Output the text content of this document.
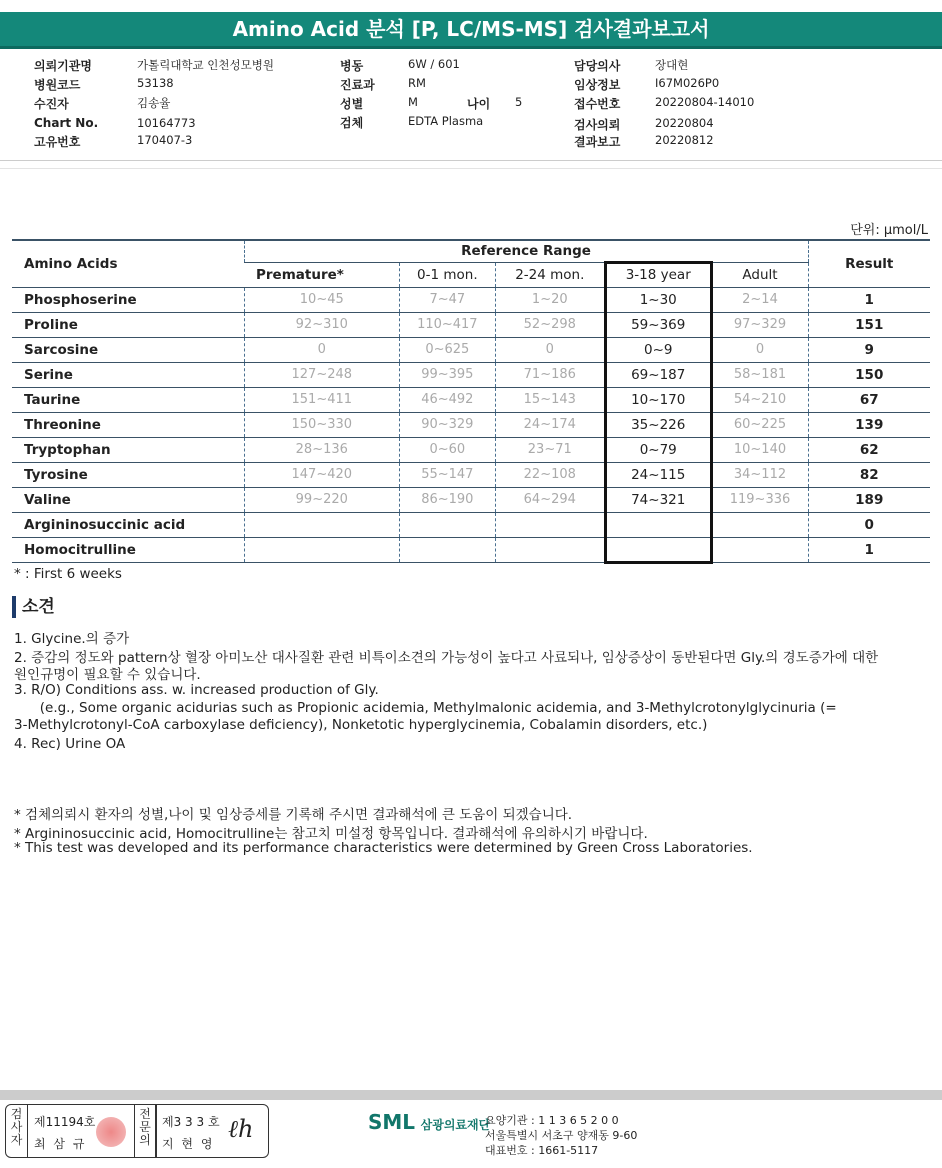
Amino Acid 분석 [P, LC/MS-MS] 검사결과보고서
의뢰기관명	가톨릭대학교 인천성모병원
병원코드	53138
수진자	김송율
Chart No.	10164773
고유번호	170407-3
병동	6W / 601
진료과	RM
성별	M
검체	EDTA Plasma
담당의사	장대현
임상정보	I67M026P0
접수번호	20220804-14010
검사의뢰	20220804
결과보고	20220812
나이 5
단위: μmol/L
Amino Acids	Reference Range					Result
	Premature*	0-1 mon.	2-24 mon.	3-18 year	Adult	
Phosphoserine	10~45	7~47	1~20	1~30	2~14	1
Proline	92~310	110~417	52~298	59~369	97~329	151
Sarcosine	0	0~625	0	0~9	0	9
Serine	127~248	99~395	71~186	69~187	58~181	150
Taurine	151~411	46~492	15~143	10~170	54~210	67
Threonine	150~330	90~329	24~174	35~226	60~225	139
Tryptophan	28~136	0~60	23~71	0~79	10~140	62
Tyrosine	147~420	55~147	22~108	24~115	34~112	82
Valine	99~220	86~190	64~294	74~321	119~336	189
Argininosuccinic acid						0
Homocitrulline						1
* : First 6 weeks
소견
1. Glycine.의 증가
2. 증감의 정도와 pattern상 혈장 아미노산 대사질환 관련 비특이소견의 가능성이 높다고 사료되나, 임상증상이 동반된다면 Gly.의 경도증가에 대한
원인규명이 필요할 수 있습니다.
3. R/O) Conditions ass. w. increased production of Gly.
(e.g., Some organic acidurias such as Propionic acidemia, Methylmalonic acidemia, and 3-Methylcrotonylglycinuria (=
3-Methylcrotonyl-CoA carboxylase deficiency), Nonketotic hyperglycinemia, Cobalamin disorders, etc.)
4. Rec) Urine OA
* 검체의뢰시 환자의 성별,나이 및 임상증세를 기록해 주시면 결과해석에 큰 도움이 되겠습니다.
* Argininosuccinic acid, Homocitrulline는 참고치 미설정 항목입니다. 결과해석에 유의하시기 바랍니다.
* This test was developed and its performance characteristics were determined by Green Cross Laboratories.
검
사
자
제11194호
최 삼 규
전
문
의
제3 3 3 호
지 현 영
ℓh	SML 삼광의료재단
요양기관 : 1 1 3 6 5 2 0 0
서울특별시 서초구 양재동 9-60
대표번호 : 1661-5117
